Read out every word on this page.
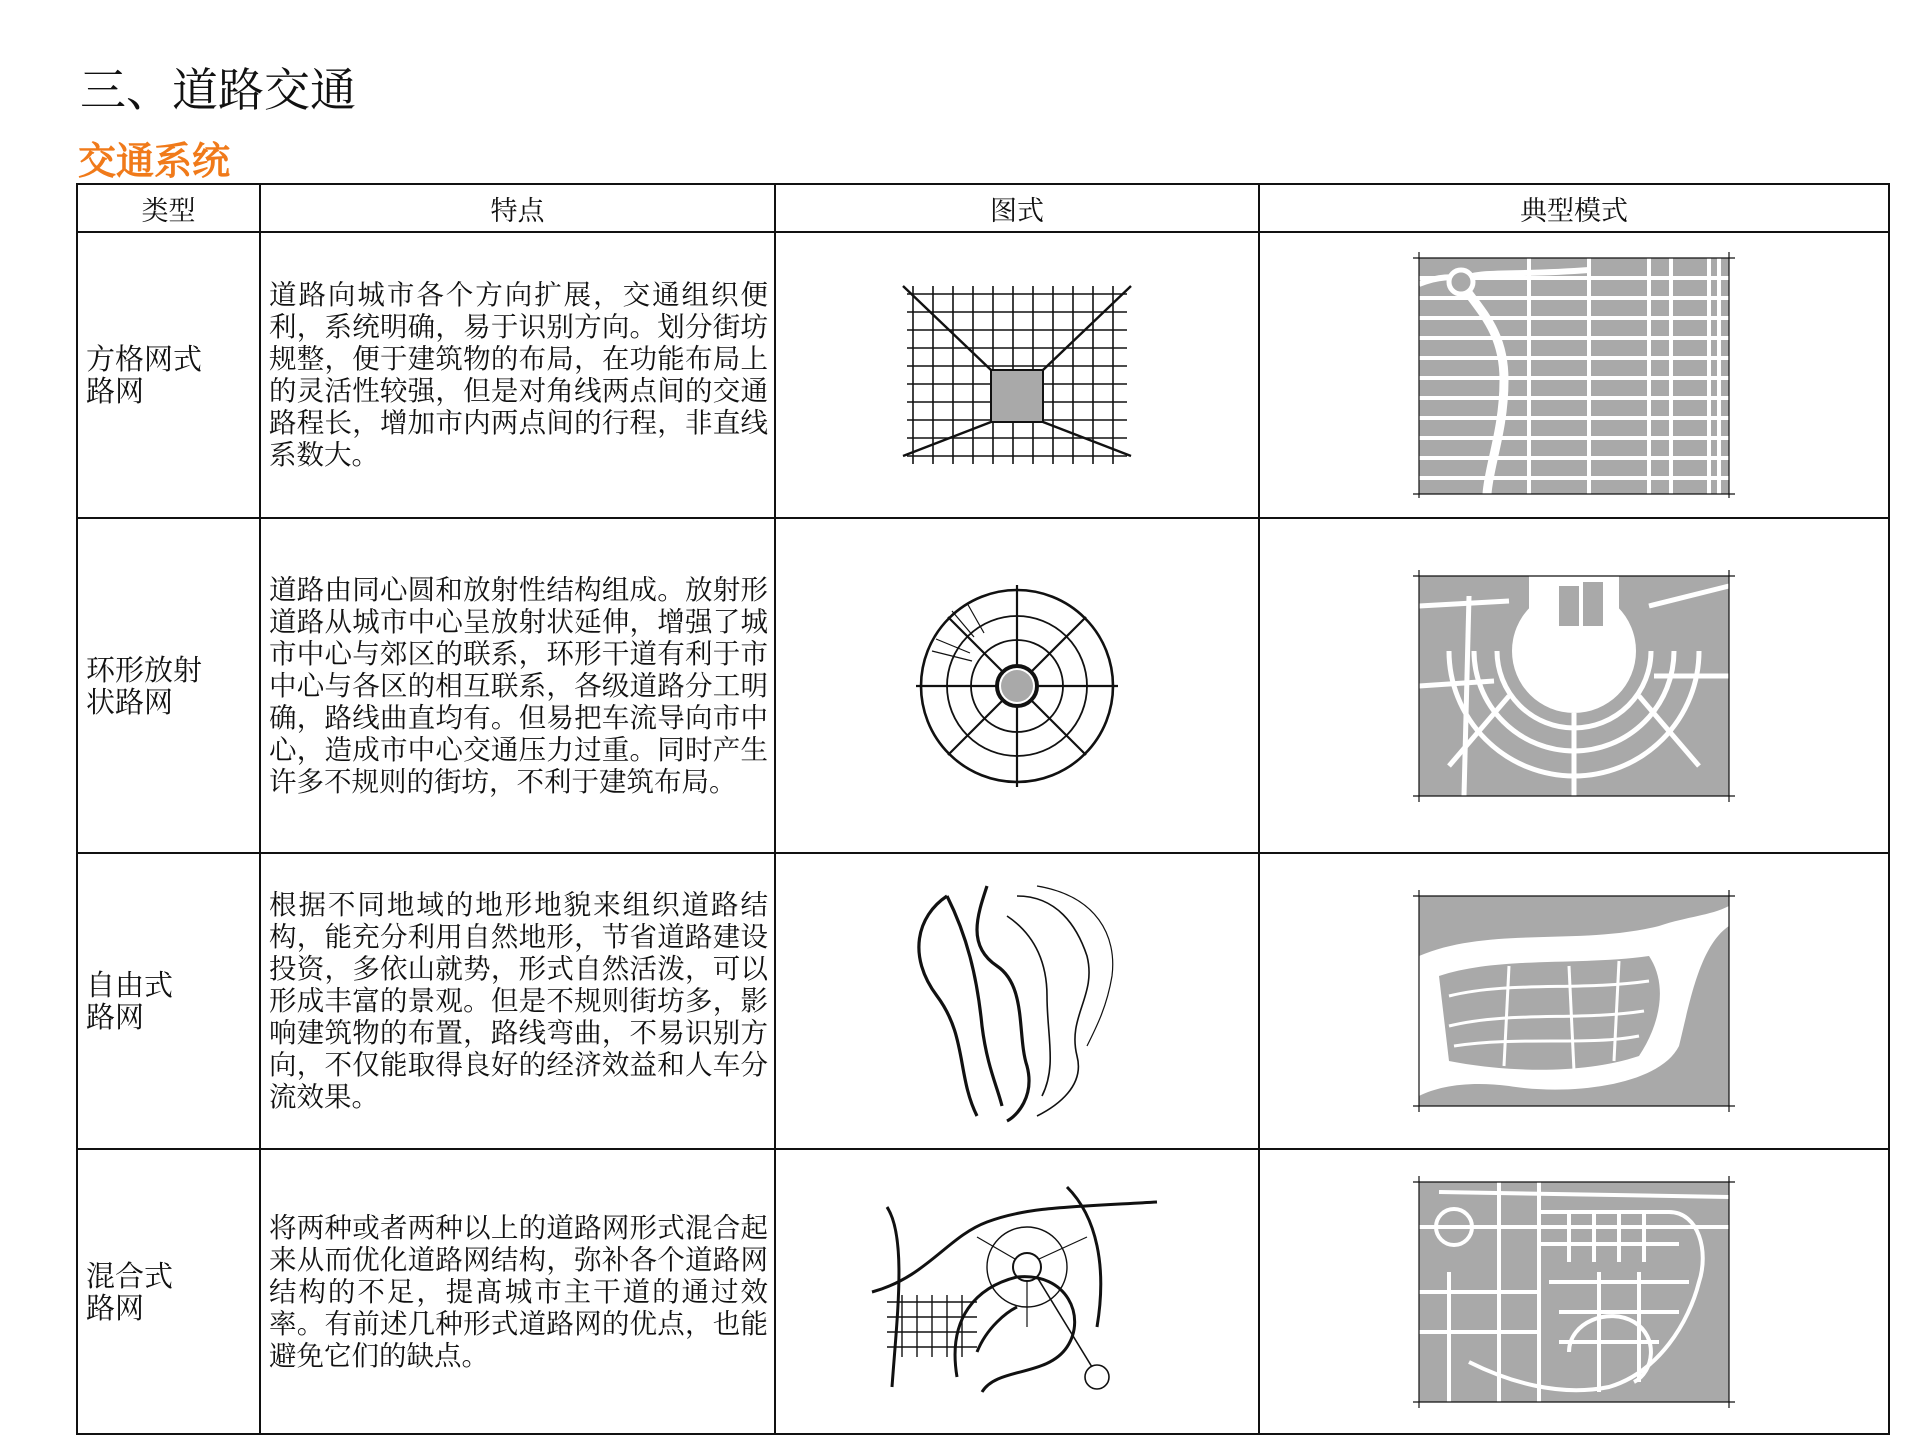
三、道路交通
交通系统
类型	特点	图式	典型模式
方格网式
路网	道路向城市各个方向扩展，交通组织便利，系统明确，易于识别方向。划分街坊规整，便于建筑物的布局，在功能布局上的灵活性较强，但是对角线两点间的交通路程长，增加市内两点间的行程，非直线系数大。	

环形放射
状路网	道路由同心圆和放射性结构组成。放射形道路从城市中心呈放射状延伸，增强了城市中心与郊区的联系，环形干道有利于市中心与各区的相互联系，各级道路分工明确，路线曲直均有。但易把车流导向市中心，造成市中心交通压力过重。同时产生许多不规则的街坊，不利于建筑布局。	

自由式
路网	根据不同地域的地形地貌来组织道路结构，能充分利用自然地形，节省道路建设投资，多依山就势，形式自然活泼，可以形成丰富的景观。但是不规则街坊多，影响建筑物的布置，路线弯曲，不易识别方向，不仅能取得良好的经济效益和人车分流效果。	

混合式
路网	将两种或者两种以上的道路网形式混合起来从而优化道路网结构，弥补各个道路网结构的不足，提髙城市主干道的通过效率。有前述几种形式道路网的优点，也能避免它们的缺点。	
